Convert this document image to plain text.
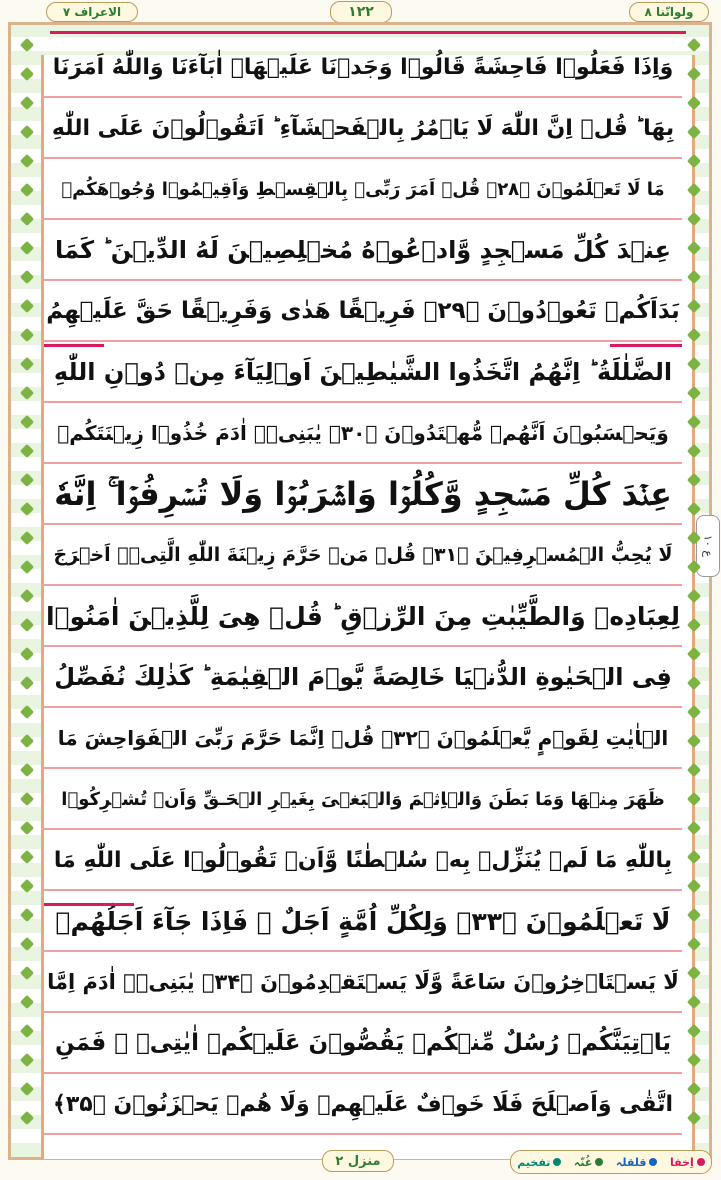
الاعراف ٧	١٢٢	ولوانّنا ٨
وَاِذَا فَعَلُوۡا فَاحِشَةً قَالُوۡا وَجَدۡنَا عَلَيۡهَاۤ اٰبَآءَنَا وَاللّٰهُ اَمَرَنَا
بِهَا ؕ قُلۡ اِنَّ اللّٰهَ لَا يَاۡمُرُ بِالۡفَحۡشَآءِ ؕ اَتَقُوۡلُوۡنَ عَلَى اللّٰهِ
مَا لَا تَعۡلَمُوۡنَ ﴿۲۸﴾ قُلۡ اَمَرَ رَبِّىۡ بِالۡقِسۡطِ وَاَقِيۡمُوۡا وُجُوۡهَكُمۡ
عِنۡدَ كُلِّ مَسۡجِدٍ وَّادۡعُوۡهُ مُخۡلِصِيۡنَ لَهُ الدِّيۡنَ ؕ كَمَا
بَدَاَكُمۡ تَعُوۡدُوۡنَ ﴿۲۹﴾ فَرِيۡقًا هَدٰى وَفَرِيۡقًا حَقَّ عَلَيۡهِمُ
الضَّلٰلَةُ ؕ اِنَّهُمُ اتَّخَذُوا الشَّيٰطِيۡنَ اَوۡلِيَآءَ مِنۡ دُوۡنِ اللّٰهِ
وَيَحۡسَبُوۡنَ اَنَّهُمۡ مُّهۡتَدُوۡنَ ﴿۳۰﴾ يٰبَنِىۡۤ اٰدَمَ خُذُوۡا زِيۡنَتَكُمۡ
عِنۡدَ كُلِّ مَسۡجِدٍ وَّكُلُوۡا وَاشۡرَبُوۡا وَلَا تُسۡرِفُوۡا ۚ اِنَّهٗ
لَا يُحِبُّ الۡمُسۡرِفِيۡنَ ﴿۳۱﴾ قُلۡ مَنۡ حَرَّمَ زِيۡنَةَ اللّٰهِ الَّتِىۡۤ اَخۡرَجَ
لِعِبَادِهٖ وَالطَّيِّبٰتِ مِنَ الرِّزۡقِ ؕ قُلۡ هِىَ لِلَّذِيۡنَ اٰمَنُوۡا
فِى الۡحَيٰوةِ الدُّنۡيَا خَالِصَةً يَّوۡمَ الۡقِيٰمَةِ ؕ كَذٰلِكَ نُفَصِّلُ
الۡاٰيٰتِ لِقَوۡمٍ يَّعۡلَمُوۡنَ ﴿۳۲﴾ قُلۡ اِنَّمَا حَرَّمَ رَبِّىَ الۡفَوَاحِشَ مَا
ظَهَرَ مِنۡهَا وَمَا بَطَنَ وَالۡاِثۡمَ وَالۡبَغۡىَ بِغَيۡرِ الۡحَـقِّ وَاَنۡ تُشۡرِكُوۡا
بِاللّٰهِ مَا لَمۡ يُنَزِّلۡ بِهٖ سُلۡطٰنًا وَّاَنۡ تَقُوۡلُوۡا عَلَى اللّٰهِ مَا
لَا تَعۡلَمُوۡنَ ﴿۳۳﴾ وَلِكُلِّ اُمَّةٍ اَجَلٌ ۚ فَاِذَا جَآءَ اَجَلُهُمۡ
لَا يَسۡتَاۡخِرُوۡنَ سَاعَةً وَّلَا يَسۡتَقۡدِمُوۡنَ ﴿۳۴﴾ يٰبَنِىۡۤ اٰدَمَ اِمَّا
يَاۡتِيَنَّكُمۡ رُسُلٌ مِّنۡكُمۡ يَقُصُّوۡنَ عَلَيۡكُمۡ اٰيٰتِىۡ ۙ فَمَنِ
اتَّقٰى وَاَصۡلَحَ فَلَا خَوۡفٌ عَلَيۡهِمۡ وَلَا هُمۡ يَحۡزَنُوۡنَ ﴿۳۵﴾
ع ۱۰
منزل ۲	اِخفا
قلقلہ
غُنّہ
تفخیم
